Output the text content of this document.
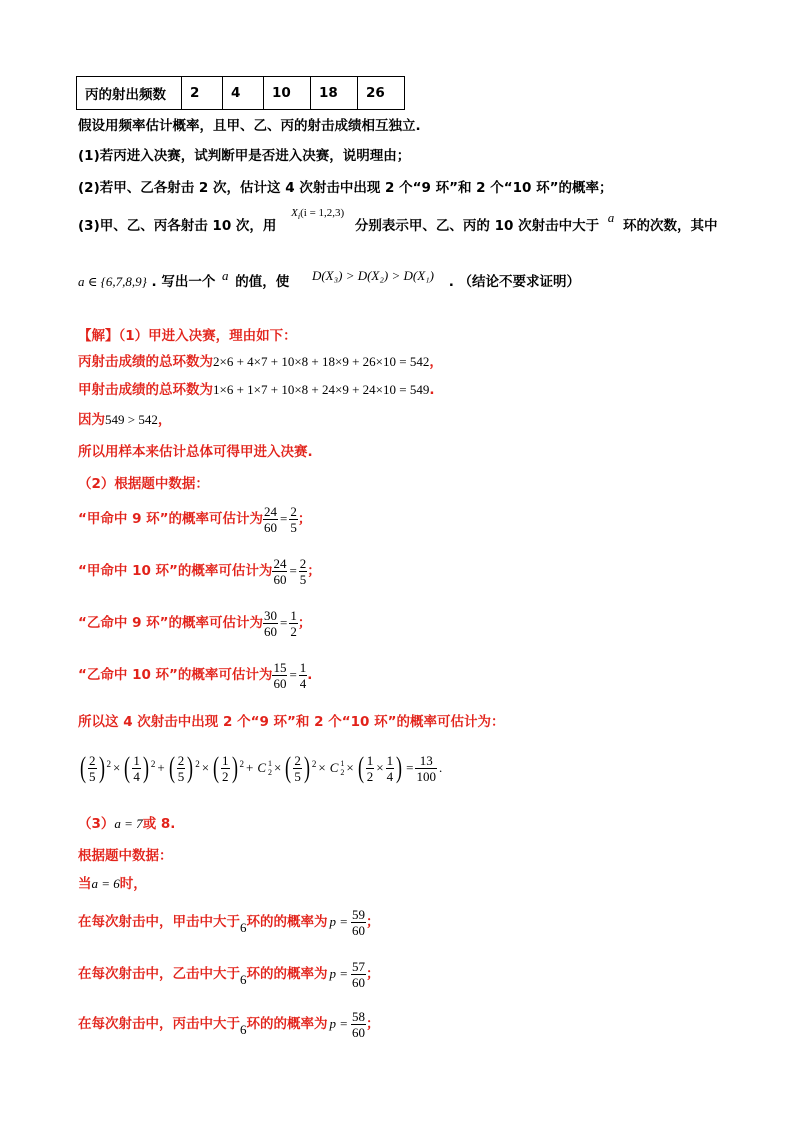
丙的射出频数	2	4	10	18	26
假设用频率估计概率，且甲、乙、丙的射击成绩相互独立.
(1)若丙进入决赛，试判断甲是否进入决赛，说明理由；
(2)若甲、乙各射击 2 次，估计这 4 次射击中出现 2 个“9 环”和 2 个“10 环”的概率；
(3)甲、乙、丙各射击 10 次，用 $X_i(i = 1,2,3)$ 分别表示甲、乙、丙的 10 次射击中大于 a 环的次数，其中
a ∈ {6,7,8,9} . 写出一个 a 的值，使 D(X₃) > D(X₂) > D(X₁) . （结论不要求证明）
【解】（1）甲进入决赛，理由如下：
丙射击成绩的总环数为2×6 + 4×7 + 10×8 + 18×9 + 26×10 = 542，
甲射击成绩的总环数为1×6 + 1×7 + 10×8 + 24×9 + 24×10 = 549.
因为549 > 542，
所以用样本来估计总体可得甲进入决赛.
（2）根据题中数据：
“甲命中 9 环”的概率可估计为 $\frac{24}{60} = \frac{2}{5}$ ；
“甲命中 10 环”的概率可估计为 $\frac{24}{60} = \frac{2}{5}$ ；
“乙命中 9 环”的概率可估计为 $\frac{30}{60} = \frac{1}{2}$ ；
“乙命中 10 环”的概率可估计为 $\frac{15}{60} = \frac{1}{4}$ .
所以这 4 次射击中出现 2 个“9 环”和 2 个“10 环”的概率可估计为：
( $\frac{2}{5}$ ) 2 × ( $\frac{1}{4}$ ) 2 + ( $\frac{2}{5}$ ) 2 × ( $\frac{1}{2}$ ) 2 + C 1
2 × ( $\frac{2}{5}$ ) 2 × C 1
2 × ( $\frac{1}{2} \times \frac{1}{4}$ ) = $\frac{13}{100}$ .
（3）a = 7或 8.
根据题中数据：
当a = 6时，
在每次射击中，甲击中大于6环的的概率为 $p = \frac{59}{60}$ ；
在每次射击中，乙击中大于6环的的概率为 $p = \frac{57}{60}$ ；
在每次射击中，丙击中大于6环的的概率为 $p = \frac{58}{60}$ ；
